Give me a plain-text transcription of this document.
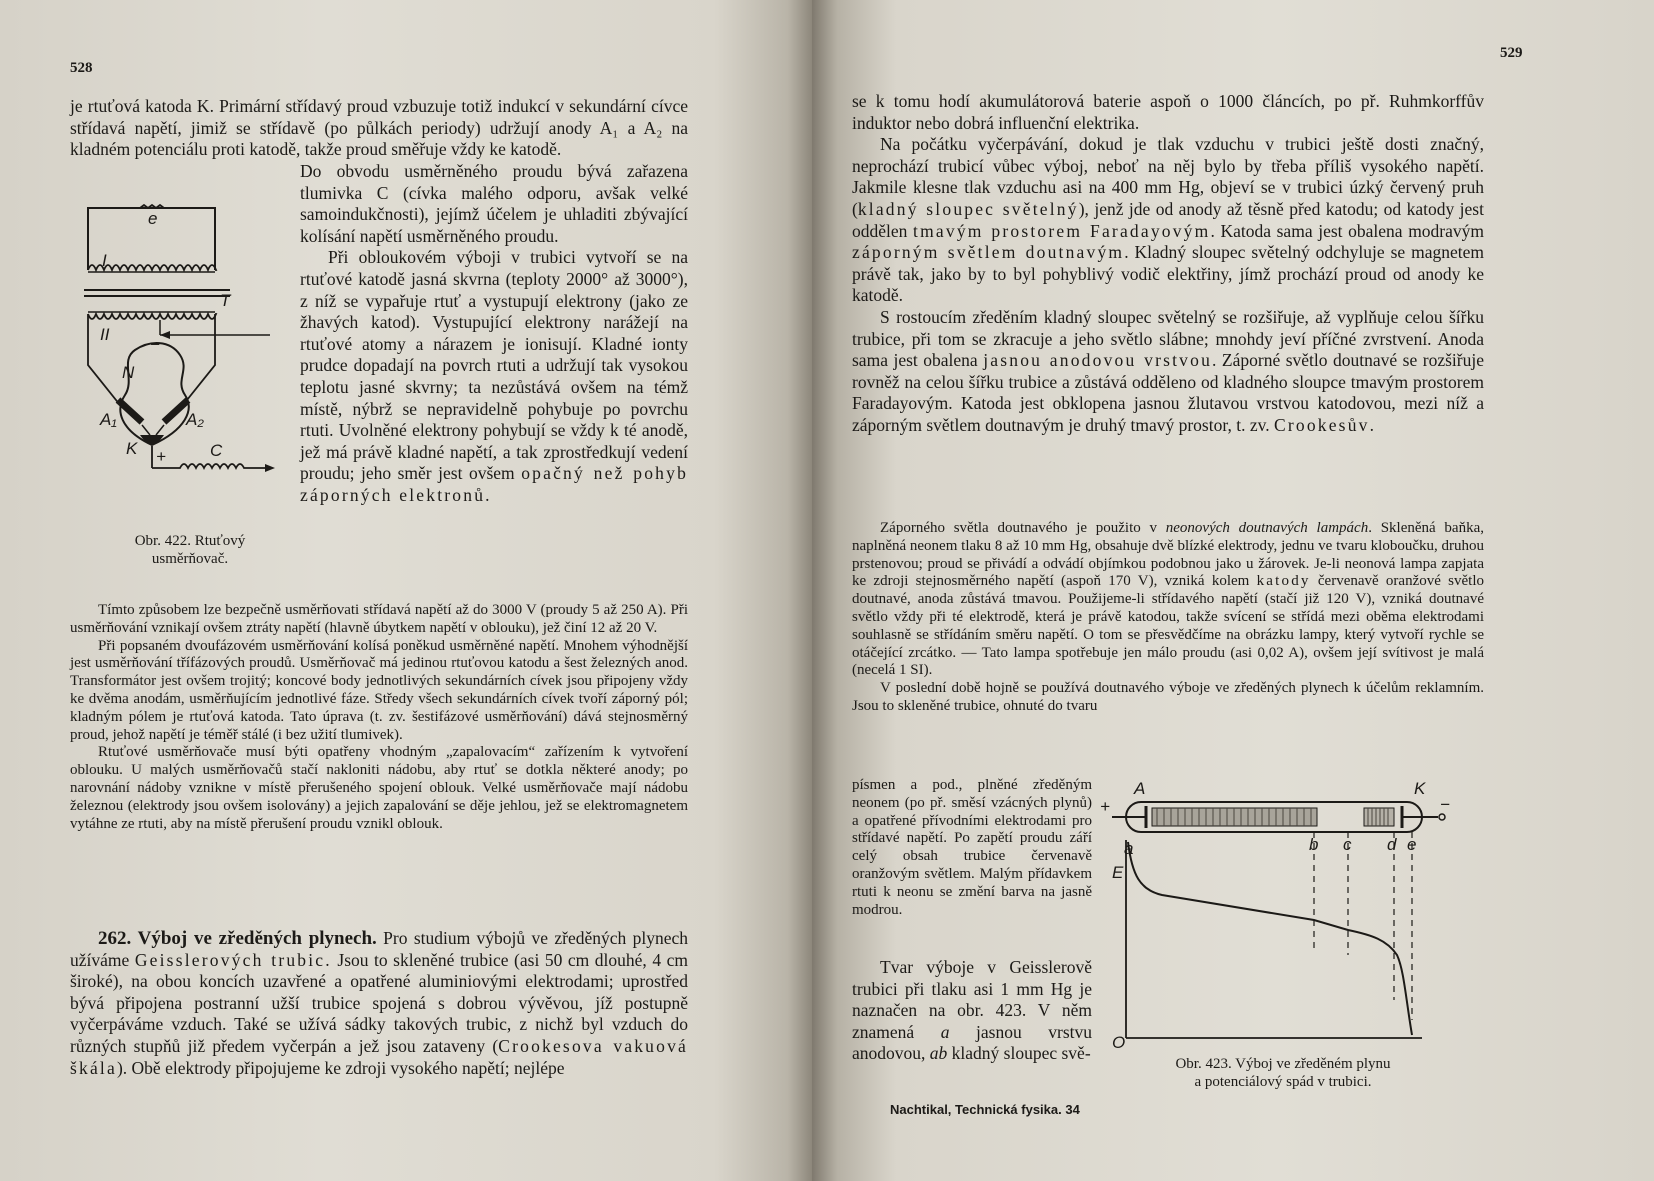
528

je rtuťová katoda K. Primární střídavý proud vzbuzuje totiž indukcí v sekundární cívce střídavá napětí, jimiž se střídavě (po půlkách periody) udržují anody A₁ a A₂ na kladném potenciálu proti katodě, takže proud směřuje vždy ke katodě.

Do obvodu usměrněného proudu bývá zařazena tlumivka C (cívka malého odporu, avšak velké samoindukčnosti), jejímž účelem je uhladiti zbývající kolísání napětí usměrněného proudu.

Při obloukovém výboji v trubici vytvoří se na rtuťové katodě jasná skvrna (teploty 2000° až 3000°), z níž se vypařuje rtuť a vystupují elektrony (jako ze žhavých katod). Vystupující elektrony narážejí na rtuťové atomy a nárazem je ionisují. Kladné ionty prudce dopadají na povrch rtuti a udržují tak vysokou teplotu jasné skvrny; ta nezůstává ovšem na témž místě, nýbrž se nepravidelně pohybuje po povrchu rtuti. Uvolněné elektrony pohybují se vždy k té anodě, jež má právě kladné napětí, a tak zprostředkují vedení proudu; jeho směr jest ovšem opačný než pohyb záporných elektronů.

e
I
T
II
−
N
A₁	A₂
K +	C
Obr. 422. Rtuťový
usměrňovač.

Tímto způsobem lze bezpečně usměrňovati střídavá napětí až do 3000 V (proudy 5 až 250 A). Při usměrňování vznikají ovšem ztráty napětí (hlavně úbytkem napětí v oblouku), jež činí 12 až 20 V.

Při popsaném dvoufázovém usměrňování kolísá poněkud usměrněné napětí. Mnohem výhodnější jest usměrňování třífázových proudů. Usměrňovač má jedinou rtuťovou katodu a šest železných anod. Transformátor jest ovšem trojitý; koncové body jednotlivých sekundárních cívek jsou připojeny vždy ke dvěma anodám, usměrňujícím jednotlivé fáze. Středy všech sekundárních cívek tvoří záporný pól; kladným pólem je rtuťová katoda. Tato úprava (t. zv. šestifázové usměrňování) dává stejnosměrný proud, jehož napětí je téměř stálé (i bez užití tlumivek).

Rtuťové usměrňovače musí býti opatřeny vhodným „zapalovacím“ zařízením k vytvoření oblouku. U malých usměrňovačů stačí nakloniti nádobu, aby rtuť se dotkla některé anody; po narovnání nádoby vznikne v místě přerušeného spojení oblouk. Velké usměrňovače mají nádobu železnou (elektrody jsou ovšem isolovány) a jejich zapalování se děje jehlou, jež se elektromagnetem vytáhne ze rtuti, aby na místě přerušení proudu vznikl oblouk.

262. Výboj ve zředěných plynech. Pro studium výbojů ve zředěných plynech užíváme Geisslerových trubic. Jsou to skleněné trubice (asi 50 cm dlouhé, 4 cm široké), na obou koncích uzavřené a opatřené aluminiovými elektrodami; uprostřed bývá připojena postranní užší trubice spojená s dobrou vývěvou, jíž postupně vyčerpáváme vzduch. Také se užívá sádky takových trubic, z nichž byl vzduch do různých stupňů již předem vyčerpán a jež jsou zataveny (Crookesova vakuová škála). Obě elektrody připojujeme ke zdroji vysokého napětí; nejlépe

529

se k tomu hodí akumulátorová baterie aspoň o 1000 článcích, po př. Ruhmkorffův induktor nebo dobrá influenční elektrika.

Na počátku vyčerpávání, dokud je tlak vzduchu v trubici ještě dosti značný, neprochází trubicí vůbec výboj, neboť na něj bylo by třeba příliš vysokého napětí. Jakmile klesne tlak vzduchu asi na 400 mm Hg, objeví se v trubici úzký červený pruh (kladný sloupec světelný), jenž jde od anody až těsně před katodu; od katody jest oddělen tmavým prostorem Faradayovým. Katoda sama jest obalena modravým záporným světlem doutnavým. Kladný sloupec světelný odchyluje se magnetem právě tak, jako by to byl pohyblivý vodič elektřiny, jímž prochází proud od anody ke katodě.

S rostoucím zředěním kladný sloupec světelný se rozšiřuje, až vyplňuje celou šířku trubice, při tom se zkracuje a jeho světlo slábne; mnohdy jeví příčné zvrstvení. Anoda sama jest obalena jasnou anodovou vrstvou. Záporné světlo doutnavé se rozšiřuje rovněž na celou šířku trubice a zůstává odděleno od kladného sloupce tmavým prostorem Faradayovým. Katoda jest obklopena jasnou žlutavou vrstvou katodovou, mezi níž a záporným světlem doutnavým je druhý tmavý prostor, t. zv. Crookesův.

Záporného světla doutnavého je použito v neonových doutnavých lampách. Skleněná baňka, naplněná neonem tlaku 8 až 10 mm Hg, obsahuje dvě blízké elektrody, jednu ve tvaru kloboučku, druhou prstenovou; proud se přivádí a odvádí objímkou podobnou jako u žárovek. Je-li neonová lampa zapjata ke zdroji stejnosměrného napětí (aspoň 170 V), vzniká kolem katody červenavě oranžové světlo doutnavé, anoda zůstává tmavou. Použijeme-li střídavého napětí (stačí již 120 V), vzniká doutnavé světlo vždy při té elektrodě, která je právě katodou, takže svícení se střídá mezi oběma elektrodami souhlasně se střídáním směru napětí. O tom se přesvědčíme na obrázku lampy, který vytvoří rychle se otáčející zrcátko. — Tato lampa spotřebuje jen málo proudu (asi 0,02 A), ovšem její svítivost je malá (necelá 1 SI).

V poslední době hojně se používá doutnavého výboje ve zředěných plynech k účelům reklamním. Jsou to skleněné trubice, ohnuté do tvaru

písmen a pod., plněné zředěným neonem (po př. směsí vzácných plynů) a opatřené přívodními elektrodami pro střídavé napětí. Po zapětí proudu září celý obsah trubice červenavě oranžovým světlem. Malým přídavkem rtuti k neonu se změní barva na jasně modrou.

Tvar výboje v Geisslerově trubici při tlaku asi 1 mm Hg je naznačen na obr. 423. V něm znamená a jasnou vrstvu anodovou, ab kladný sloupec svě-

A	K
+	−
a	b c d e
E
O
Obr. 423. Výboj ve zředěném plynu
a potenciálový spád v trubici.
Nachtikal, Technická fysika. 34
